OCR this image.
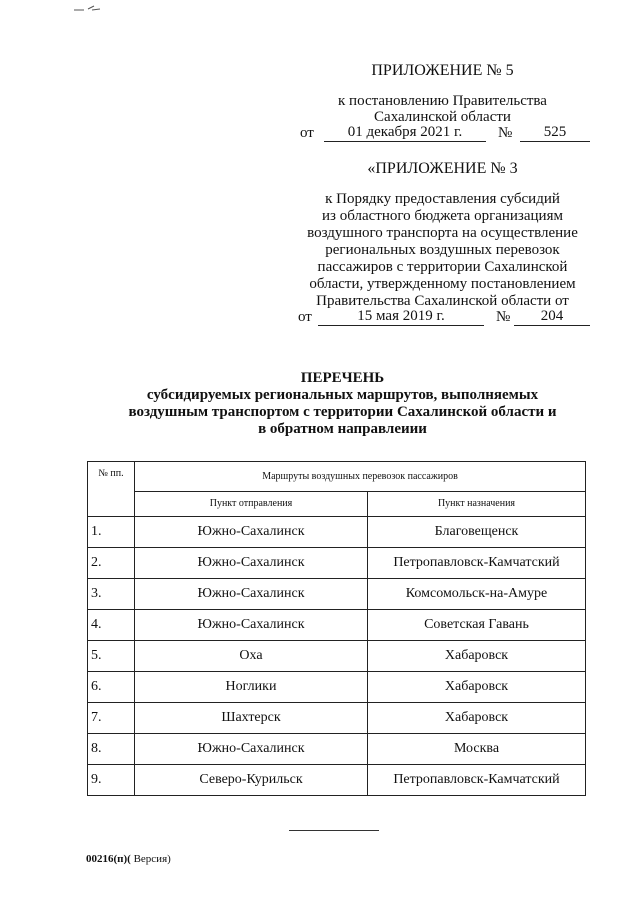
ПРИЛОЖЕНИЕ № 5
к постановлению Правительства
Сахалинской области
от	01 декабря 2021 г.	№	525
«ПРИЛОЖЕНИЕ № 3
к Порядку предоставления субсидий
из областного бюджета организациям
воздушного транспорта на осуществление
региональных воздушных перевозок
пассажиров с территории Сахалинской
области, утвержденному постановлением
Правительства Сахалинской области от
от	15 мая 2019 г.	№	204
ПЕРЕЧЕНЬ
субсидируемых региональных маршрутов, выполняемых
воздушным транспортом с территории Сахалинской области и
в обратном направлеиии
№ пп.	Маршруты воздушных перевозок пассажиров	
	Пункт отправления	Пункт назначения
1.	Южно-Сахалинск	Благовещенск
2.	Южно-Сахалинск	Петропавловск-Камчатский
3.	Южно-Сахалинск	Комсомольск-на-Амуре
4.	Южно-Сахалинск	Советская Гавань
5.	Оха	Хабаровск
6.	Ноглики	Хабаровск
7.	Шахтерск	Хабаровск
8.	Южно-Сахалинск	Москва
9.	Северо-Курильск	Петропавловск-Камчатский
00216(п)( Версия)
